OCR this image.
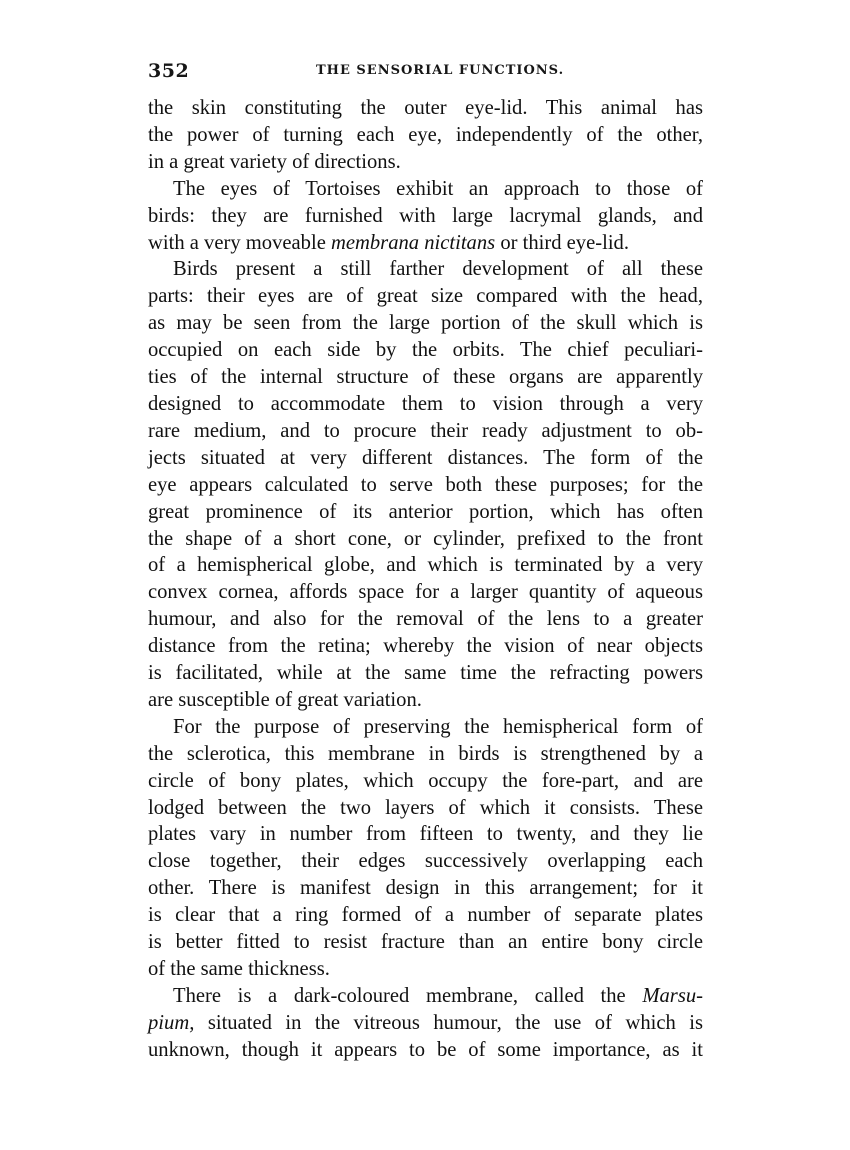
352	THE SENSORIAL FUNCTIONS.
the skin constituting the outer eye-lid. This animal has
the power of turning each eye, independently of the other,
in a great variety of directions.
The eyes of Tortoises exhibit an approach to those of
birds: they are furnished with large lacrymal glands, and
with a very moveable membrana nictitans or third eye-lid.
Birds present a still farther development of all these
parts: their eyes are of great size compared with the head,
as may be seen from the large portion of the skull which is
occupied on each side by the orbits. The chief peculiari-
ties of the internal structure of these organs are apparently
designed to accommodate them to vision through a very
rare medium, and to procure their ready adjustment to ob-
jects situated at very different distances. The form of the
eye appears calculated to serve both these purposes; for the
great prominence of its anterior portion, which has often
the shape of a short cone, or cylinder, prefixed to the front
of a hemispherical globe, and which is terminated by a very
convex cornea, affords space for a larger quantity of aqueous
humour, and also for the removal of the lens to a greater
distance from the retina; whereby the vision of near objects
is facilitated, while at the same time the refracting powers
are susceptible of great variation.
For the purpose of preserving the hemispherical form of
the sclerotica, this membrane in birds is strengthened by a
circle of bony plates, which occupy the fore-part, and are
lodged between the two layers of which it consists. These
plates vary in number from fifteen to twenty, and they lie
close together, their edges successively overlapping each
other. There is manifest design in this arrangement; for it
is clear that a ring formed of a number of separate plates
is better fitted to resist fracture than an entire bony circle
of the same thickness.
There is a dark-coloured membrane, called the Marsu-
pium, situated in the vitreous humour, the use of which is
unknown, though it appears to be of some importance, as it
